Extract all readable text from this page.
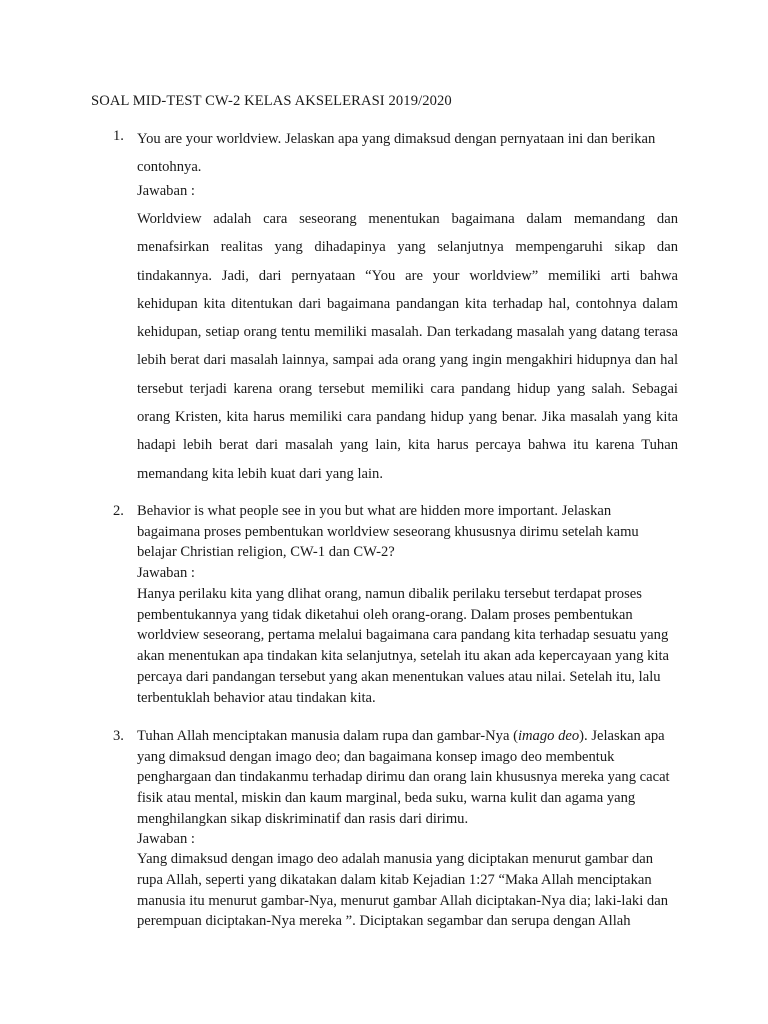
SOAL MID-TEST CW-2 KELAS AKSELERASI 2019/2020
1. You are your worldview. Jelaskan apa yang dimaksud dengan pernyataan ini dan berikan contohnya.

Jawaban :

Worldview adalah cara seseorang menentukan bagaimana dalam memandang dan menafsirkan realitas yang dihadapinya yang selanjutnya mempengaruhi sikap dan tindakannya. Jadi, dari pernyataan “You are your worldview” memiliki arti bahwa kehidupan kita ditentukan dari bagaimana pandangan kita terhadap hal, contohnya dalam kehidupan, setiap orang tentu memiliki masalah. Dan terkadang masalah yang datang terasa lebih berat dari masalah lainnya, sampai ada orang yang ingin mengakhiri hidupnya dan hal tersebut terjadi karena orang tersebut memiliki cara pandang hidup yang salah. Sebagai orang Kristen, kita harus memiliki cara pandang hidup yang benar. Jika masalah yang kita hadapi lebih berat dari masalah yang lain, kita harus percaya bahwa itu karena Tuhan memandang kita lebih kuat dari yang lain.

2. Behavior is what people see in you but what are hidden more important. Jelaskan bagaimana proses pembentukan worldview seseorang khususnya dirimu setelah kamu belajar Christian religion, CW-1 dan CW-2?

Jawaban :

Hanya perilaku kita yang dlihat orang, namun dibalik perilaku tersebut terdapat proses pembentukannya yang tidak diketahui oleh orang-orang. Dalam proses pembentukan worldview seseorang, pertama melalui bagaimana cara pandang kita terhadap sesuatu yang akan menentukan apa tindakan kita selanjutnya, setelah itu akan ada kepercayaan yang kita percaya dari pandangan tersebut yang akan menentukan values atau nilai. Setelah itu, lalu terbentuklah behavior atau tindakan kita.

3. Tuhan Allah menciptakan manusia dalam rupa dan gambar-Nya (imago deo). Jelaskan apa yang dimaksud dengan imago deo; dan bagaimana konsep imago deo membentuk penghargaan dan tindakanmu terhadap dirimu dan orang lain khususnya mereka yang cacat fisik atau mental, miskin dan kaum marginal, beda suku, warna kulit dan agama yang menghilangkan sikap diskriminatif dan rasis dari dirimu.

Jawaban :

Yang dimaksud dengan imago deo adalah manusia yang diciptakan menurut gambar dan rupa Allah, seperti yang dikatakan dalam kitab Kejadian 1:27 “Maka Allah menciptakan manusia itu menurut gambar-Nya, menurut gambar Allah diciptakan-Nya dia; laki-laki dan perempuan diciptakan-Nya mereka ”. Diciptakan segambar dan serupa dengan Allah
